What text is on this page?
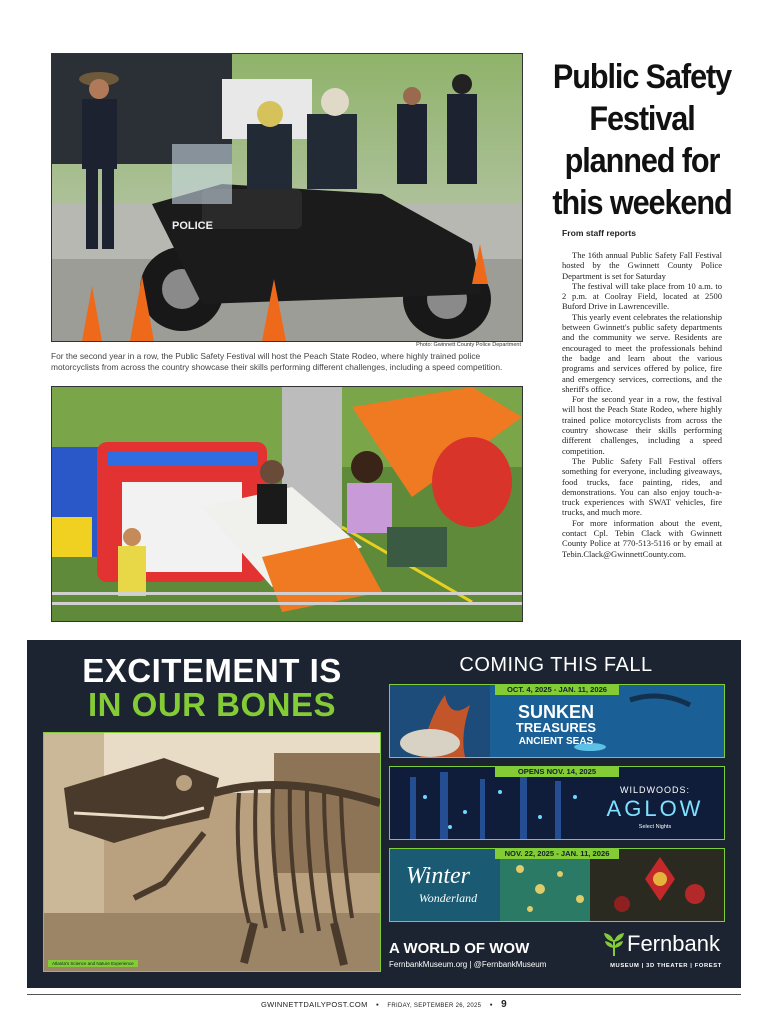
POLICE
Photo: Gwinnett County Police Department
For the second year in a row, the Public Safety Festival will host the Peach State Rodeo, where highly trained police motorcyclists from across the country showcase their skills performing different challenges, including a speed competition.
Public Safety Festival planned for this weekend
From staff reports

The 16th annual Public Safety Fall Festival hosted by the Gwinnett County Police Department is set for Saturday

The festival will take place from 10 a.m. to 2 p.m. at Coolray Field, located at 2500 Buford Drive in Lawrenceville.

This yearly event celebrates the relationship between Gwinnett's public safety departments and the community we serve. Residents are encouraged to meet the professionals behind the badge and learn about the various programs and services offered by police, fire and emergency services, corrections, and the sheriff's office.

For the second year in a row, the festival will host the Peach State Rodeo, where highly trained police motorcyclists from across the country showcase their skills performing different challenges, including a speed competition.

The Public Safety Fall Festival offers something for everyone, including giveaways, food trucks, face painting, rides, and demonstrations. You can also enjoy touch-a-truck experiences with SWAT vehicles, fire trucks, and much more.

For more information about the event, contact Cpl. Tebin Clack with Gwinnett County Police at 770-513-5116 or by email at Tebin.Clack@GwinnettCounty.com.

EXCITEMENT IS
IN OUR BONES
Atlanta's Science and Nature Experience
COMING THIS FALL
OCT. 4, 2025 - JAN. 11, 2026
SUNKEN
TREASURES
ANCIENT SEAS
OPENS NOV. 14, 2025
WILDWOODS:
AGLOW
Select Nights
NOV. 22, 2025 - JAN. 11, 2026
Winter
Wonderland
A WORLD OF WOW
FernbankMuseum.org | @FernbankMuseum
Fernbank
MUSEUM | 3D THEATER | FOREST
GWINNETTDAILYPOST.COM ▪ FRIDAY, SEPTEMBER 26, 2025 ▪ 9
